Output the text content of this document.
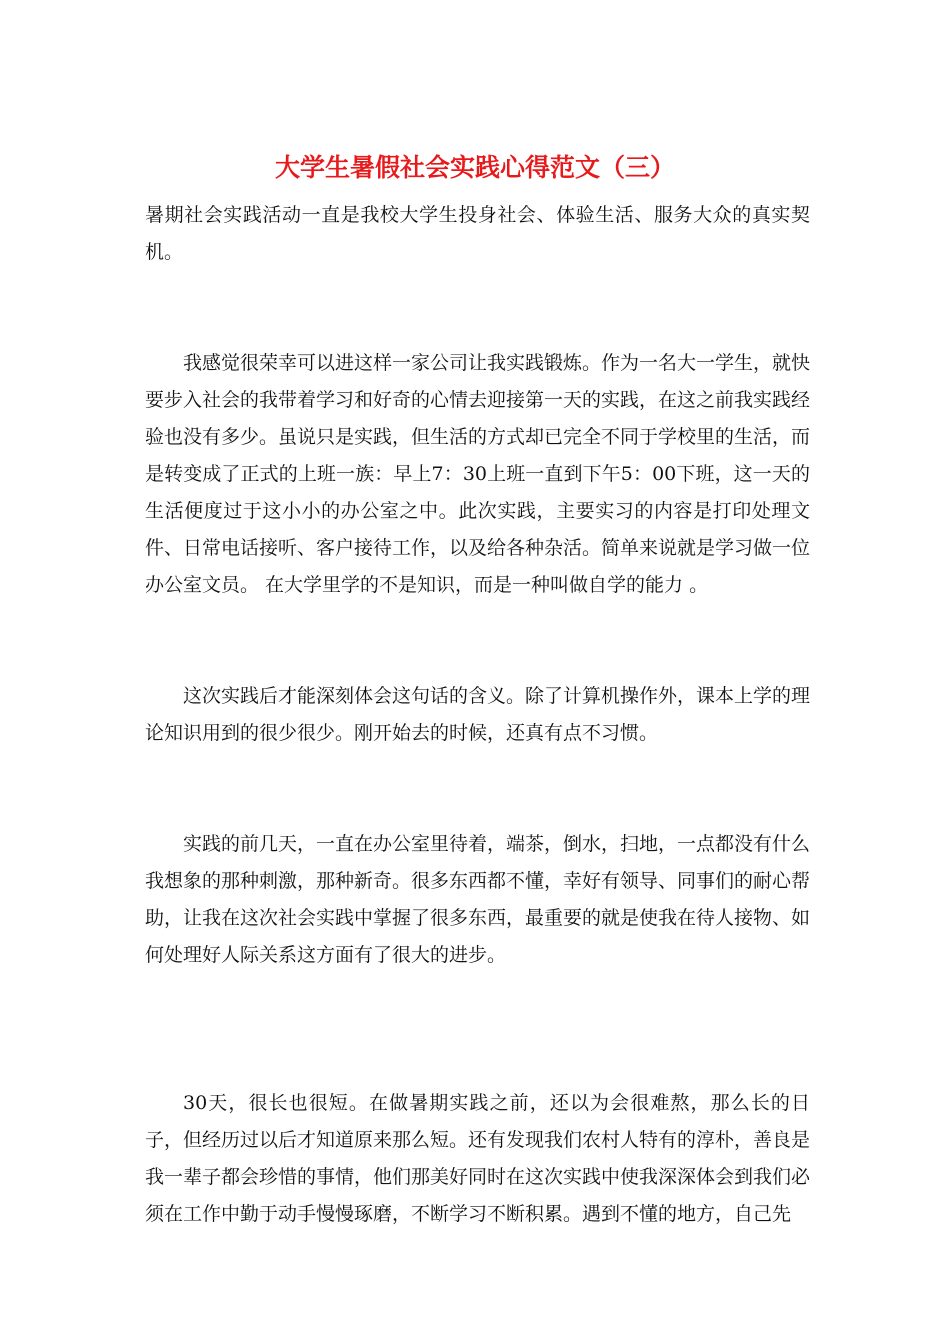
大学生暑假社会实践心得范文（三）

暑期社会实践活动一直是我校大学生投身社会、体验生活、服务大众的真实契机。

我感觉很荣幸可以进这样一家公司让我实践锻炼。作为一名大一学生，就快要步入社会的我带着学习和好奇的心情去迎接第一天的实践，在这之前我实践经验也没有多少。虽说只是实践，但生活的方式却已完全不同于学校里的生活，而是转变成了正式的上班一族：早上7：30上班一直到下午5：00下班，这一天的生活便度过于这小小的办公室之中。此次实践，主要实习的内容是打印处理文件、日常电话接听、客户接待工作，以及给各种杂活。简单来说就是学习做一位办公室文员。 在大学里学的不是知识，而是一种叫做自学的能力 。

这次实践后才能深刻体会这句话的含义。除了计算机操作外，课本上学的理论知识用到的很少很少。刚开始去的时候，还真有点不习惯。

实践的前几天，一直在办公室里待着，端茶，倒水，扫地，一点都没有什么我想象的那种刺激，那种新奇。很多东西都不懂，幸好有领导、同事们的耐心帮助，让我在这次社会实践中掌握了很多东西，最重要的就是使我在待人接物、如何处理好人际关系这方面有了很大的进步。

30天，很长也很短。在做暑期实践之前，还以为会很难熬，那么长的日子，但经历过以后才知道原来那么短。还有发现我们农村人特有的淳朴，善良是我一辈子都会珍惜的事情，他们那美好同时在这次实践中使我深深体会到我们必须在工作中勤于动手慢慢琢磨，不断学习不断积累。遇到不懂的地方，自己先
